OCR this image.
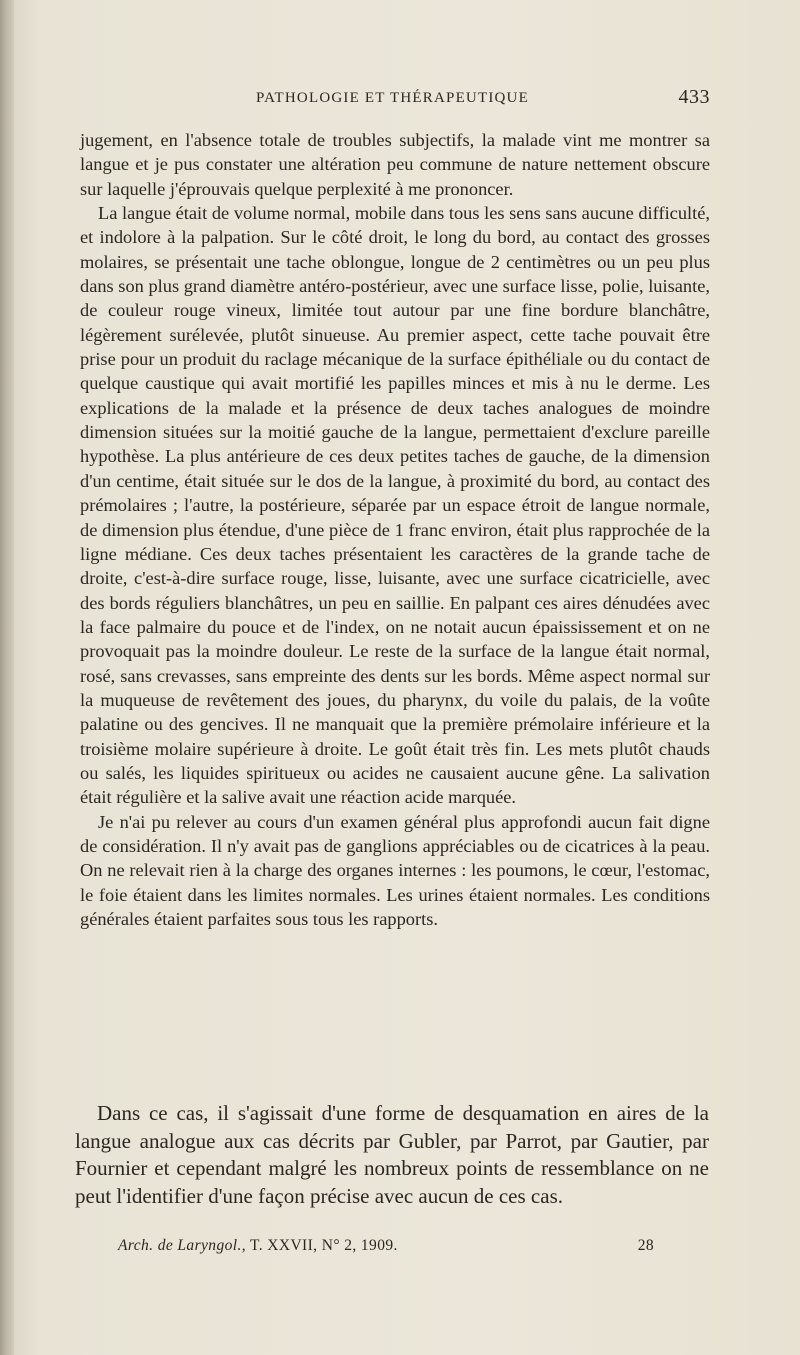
PATHOLOGIE ET THÉRAPEUTIQUE	433

jugement, en l'absence totale de troubles subjectifs, la malade vint me montrer sa langue et je pus constater une altération peu commune de nature nettement obscure sur laquelle j'éprouvais quelque perplexité à me prononcer.

La langue était de volume normal, mobile dans tous les sens sans aucune difficulté, et indolore à la palpation. Sur le côté droit, le long du bord, au contact des grosses molaires, se présentait une tache oblongue, longue de 2 centimètres ou un peu plus dans son plus grand diamètre antéro-postérieur, avec une surface lisse, polie, luisante, de couleur rouge vineux, limitée tout autour par une fine bordure blanchâtre, légèrement surélevée, plutôt sinueuse. Au premier aspect, cette tache pouvait être prise pour un produit du raclage mécanique de la surface épithéliale ou du contact de quelque caustique qui avait mortifié les papilles minces et mis à nu le derme. Les explications de la malade et la présence de deux taches analogues de moindre dimension situées sur la moitié gauche de la langue, permettaient d'exclure pareille hypothèse. La plus antérieure de ces deux petites taches de gauche, de la dimension d'un centime, était située sur le dos de la langue, à proximité du bord, au contact des prémolaires ; l'autre, la postérieure, séparée par un espace étroit de langue normale, de dimension plus étendue, d'une pièce de 1 franc environ, était plus rapprochée de la ligne médiane. Ces deux taches présentaient les caractères de la grande tache de droite, c'est-à-dire surface rouge, lisse, luisante, avec une surface cicatricielle, avec des bords réguliers blanchâtres, un peu en saillie. En palpant ces aires dénudées avec la face palmaire du pouce et de l'index, on ne notait aucun épaississement et on ne provoquait pas la moindre douleur. Le reste de la surface de la langue était normal, rosé, sans crevasses, sans empreinte des dents sur les bords. Même aspect normal sur la muqueuse de revêtement des joues, du pharynx, du voile du palais, de la voûte palatine ou des gencives. Il ne manquait que la première prémolaire inférieure et la troisième molaire supérieure à droite. Le goût était très fin. Les mets plutôt chauds ou salés, les liquides spiritueux ou acides ne causaient aucune gêne. La salivation était régulière et la salive avait une réaction acide marquée.

Je n'ai pu relever au cours d'un examen général plus approfondi aucun fait digne de considération. Il n'y avait pas de ganglions appréciables ou de cicatrices à la peau. On ne relevait rien à la charge des organes internes : les poumons, le cœur, l'estomac, le foie étaient dans les limites normales. Les urines étaient normales. Les conditions générales étaient parfaites sous tous les rapports.

Dans ce cas, il s'agissait d'une forme de desquamation en aires de la langue analogue aux cas décrits par Gubler, par Parrot, par Gautier, par Fournier et cependant malgré les nombreux points de ressemblance on ne peut l'identifier d'une façon précise avec aucun de ces cas.

Arch. de Laryngol., T. XXVII, N° 2, 1909.	28
